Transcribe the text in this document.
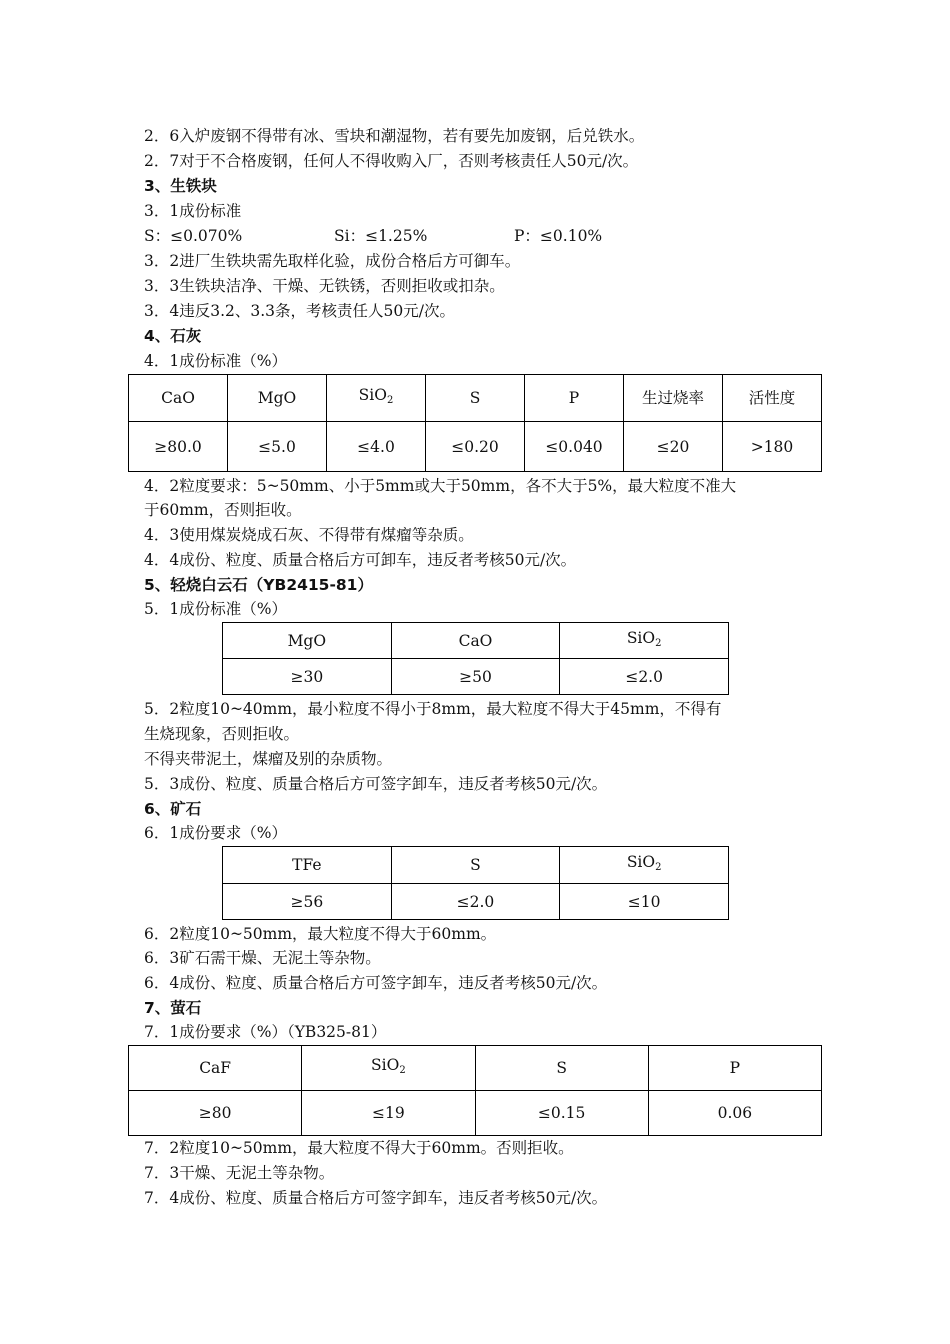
2．6入炉废钢不得带有冰、雪块和潮湿物，若有要先加废钢，后兑铁水。
2．7对于不合格废钢，任何人不得收购入厂，否则考核责任人50元/次。
3、生铁块
3．1成份标准
S：≤0.070%	Si：≤1.25%	P：≤0.10%
3．2进厂生铁块需先取样化验，成份合格后方可御车。
3．3生铁块洁净、干燥、无铁锈，否则拒收或扣杂。
3．4违反3.2、3.3条，考核责任人50元/次。
4、石灰
4．1成份标准（%）
CaO	MgO	SiO$_2$	S	P	生过烧率	活性度
≥80.0	≤5.0	≤4.0	≤0.20	≤0.040	≤20	>180
4．2粒度要求：5~50mm、小于5mm或大于50mm，各不大于5%，最大粒度不准大
于60mm，否则拒收。
4．3使用煤炭烧成石灰、不得带有煤瘤等杂质。
4．4成份、粒度、质量合格后方可卸车，违反者考核50元/次。
5、轻烧白云石（YB2415-81）
5．1成份标准（%）
MgO	CaO	SiO$_2$
≥30	≥50	≤2.0
5．2粒度10~40mm，最小粒度不得小于8mm，最大粒度不得大于45mm，不得有
生烧现象，否则拒收。
不得夹带泥土，煤瘤及别的杂质物。
5．3成份、粒度、质量合格后方可签字卸车，违反者考核50元/次。
6、矿石
6．1成份要求（%）
TFe	S	SiO$_2$
≥56	≤2.0	≤10
6．2粒度10~50mm，最大粒度不得大于60mm。
6．3矿石需干燥、无泥土等杂物。
6．4成份、粒度、质量合格后方可签字卸车，违反者考核50元/次。
7、萤石
7．1成份要求（%）（YB325-81）
CaF	SiO$_2$	S	P
≥80	≤19	≤0.15	0.06
7．2粒度10~50mm，最大粒度不得大于60mm。否则拒收。
7．3干燥、无泥土等杂物。
7．4成份、粒度、质量合格后方可签字卸车，违反者考核50元/次。
